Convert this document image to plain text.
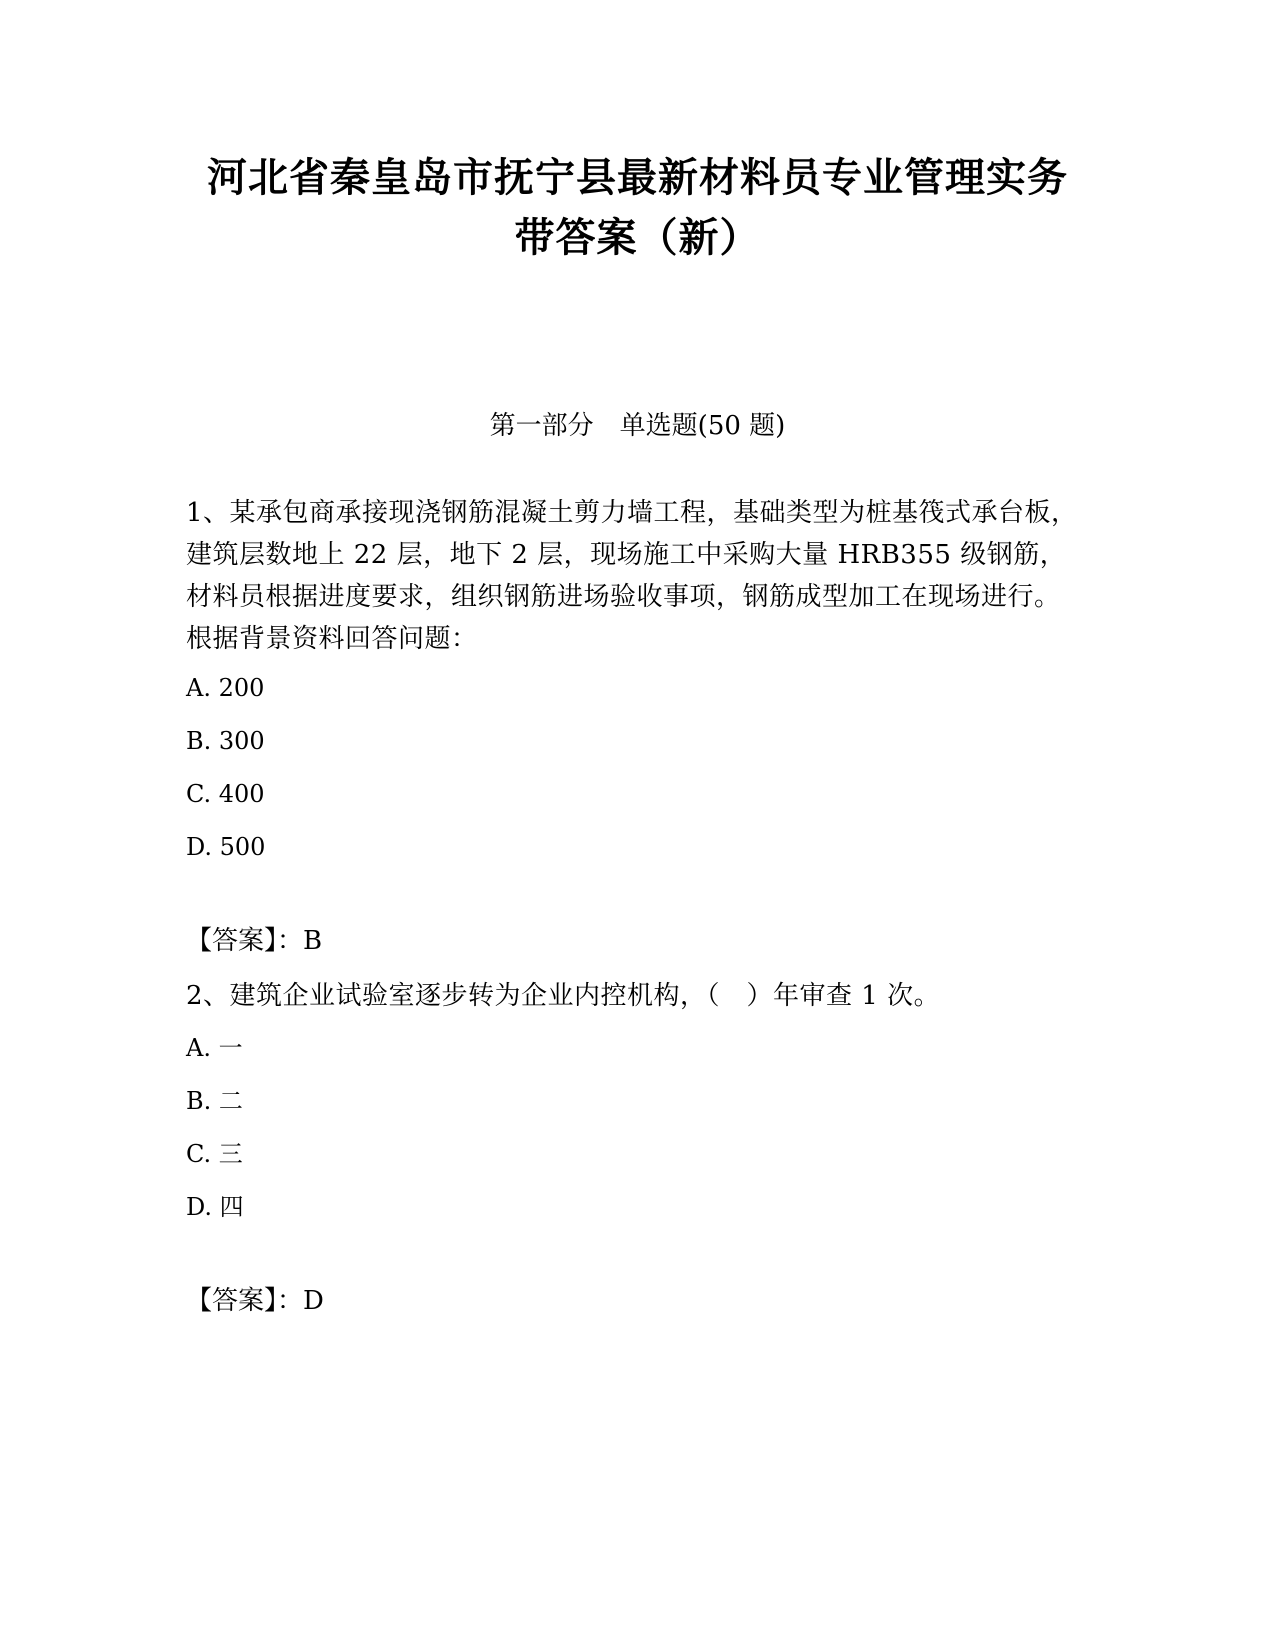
河北省秦皇岛市抚宁县最新材料员专业管理实务
带答案（新）
第一部分　单选题(50 题)
1、某承包商承接现浇钢筋混凝土剪力墙工程，基础类型为桩基筏式承台板，建筑层数地上 22 层，地下 2 层，现场施工中采购大量 HRB355 级钢筋，材料员根据进度要求，组织钢筋进场验收事项，钢筋成型加工在现场进行。根据背景资料回答问题：
A. 200
B. 300
C. 400
D. 500
【答案】：B
2、建筑企业试验室逐步转为企业内控机构，（　）年审查 1 次。
A. 一
B. 二
C. 三
D. 四
【答案】：D
